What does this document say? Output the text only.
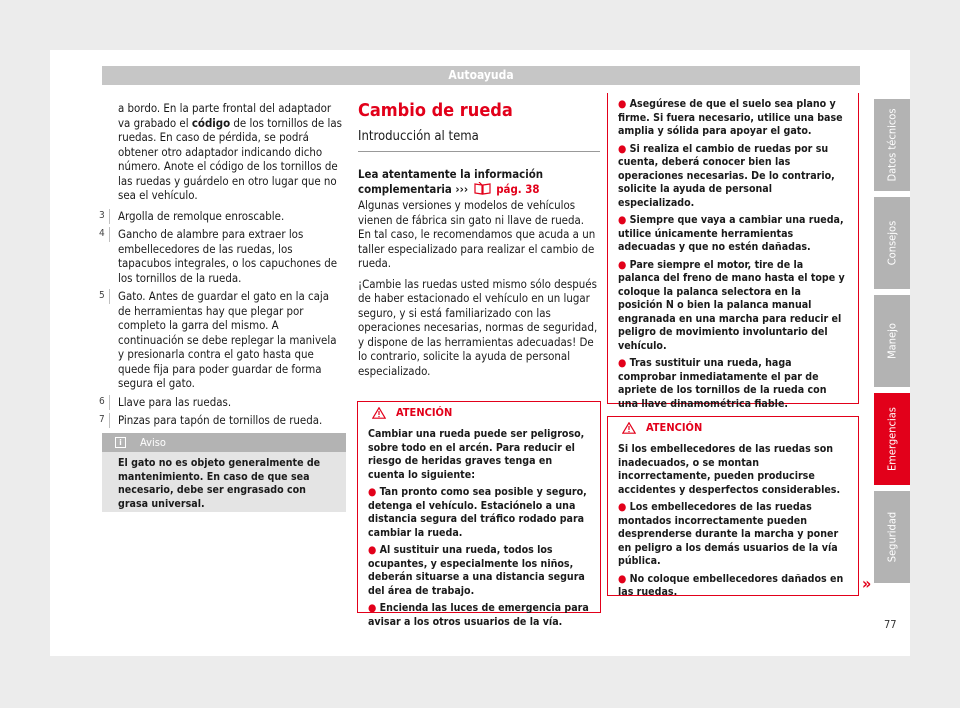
Autoayuda

a bordo. En la parte frontal del adaptador va grabado el código de los tornillos de las ruedas. En caso de pérdida, se podrá obtener otro adaptador indicando dicho número. Anote el código de los tornillos de las ruedas y guárdelo en otro lugar que no sea el vehículo.

3 Argolla de remolque enroscable.
4 Gancho de alambre para extraer los embellecedores de las ruedas, los tapacubos integrales, o los capuchones de los tornillos de la rueda.
5 Gato. Antes de guardar el gato en la caja de herramientas hay que plegar por completo la garra del mismo. A continuación se debe replegar la manivela y presionarla contra el gato hasta que quede fija para poder guardar de forma segura el gato.
6 Llave para las ruedas.
7 Pinzas para tapón de tornillos de rueda.
i	Aviso
El gato no es objeto generalmente de mantenimiento. En caso de que sea necesario, debe ser engrasado con grasa universal.
Cambio de rueda
Introducción al tema

Lea atentamente la información complementaria ››› pág. 38

Algunas versiones y modelos de vehículos vienen de fábrica sin gato ni llave de rueda. En tal caso, le recomendamos que acuda a un taller especializado para realizar el cambio de rueda.

¡Cambie las ruedas usted mismo sólo después de haber estacionado el vehículo en un lugar seguro, y si está familiarizado con las operaciones necesarias, normas de seguridad, y dispone de las herramientas adecuadas! De lo contrario, solicite la ayuda de personal especializado.

ATENCIÓN

Cambiar una rueda puede ser peligroso, sobre todo en el arcén. Para reducir el riesgo de heridas graves tenga en cuenta lo siguiente:

● Tan pronto como sea posible y seguro, detenga el vehículo. Estaciónelo a una distancia segura del tráfico rodado para cambiar la rueda.
● Al sustituir una rueda, todos los ocupantes, y especialmente los niños, deberán situarse a una distancia segura del área de trabajo.
● Encienda las luces de emergencia para avisar a los otros usuarios de la vía.
● Asegúrese de que el suelo sea plano y firme. Si fuera necesario, utilice una base amplia y sólida para apoyar el gato.
● Si realiza el cambio de ruedas por su cuenta, deberá conocer bien las operaciones necesarias. De lo contrario, solicite la ayuda de personal especializado.
● Siempre que vaya a cambiar una rueda, utilice únicamente herramientas adecuadas y que no estén dañadas.
● Pare siempre el motor, tire de la palanca del freno de mano hasta el tope y coloque la palanca selectora en la posición N o bien la palanca manual engranada en una marcha para reducir el peligro de movimiento involuntario del vehículo.
● Tras sustituir una rueda, haga comprobar inmediatamente el par de apriete de los tornillos de la rueda con una llave dinamométrica fiable.
ATENCIÓN

Si los embellecedores de las ruedas son inadecuados, o se montan incorrectamente, pueden producirse accidentes y desperfectos considerables.

● Los embellecedores de las ruedas montados incorrectamente pueden desprenderse durante la marcha y poner en peligro a los demás usuarios de la vía pública.
● No coloque embellecedores dañados en las ruedas.	»
77
Datos técnicos
Consejos
Manejo
Emergencias
Seguridad
